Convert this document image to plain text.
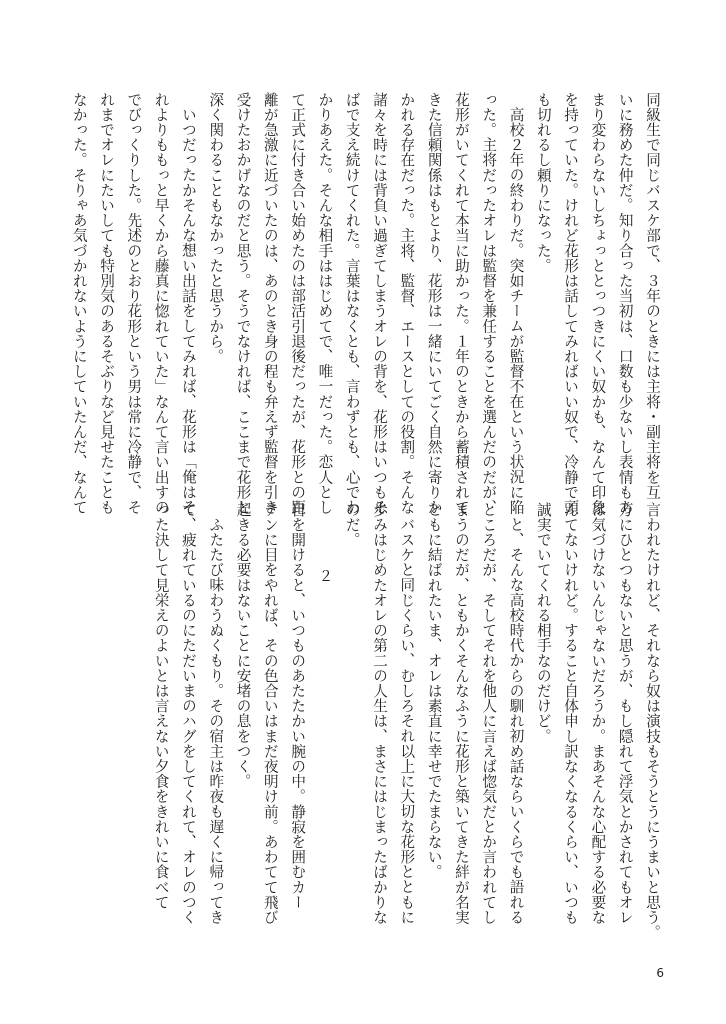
同級生で同じバスケ部で、３年のときには主将・副主将を互
いに務めた仲だ。知り合った当初は、口数も少ないし表情もあ
まり変わらないしちょっととっつきにくい奴かも、なんて印象
を持っていた。けれど花形は話してみればいい奴で、冷静で頭
も切れるし頼りになった。
高校２年の終わりだ。突如チームが監督不在という状況に陥
った。主将だったオレは監督を兼任することを選んだのだが、
花形がいてくれて本当に助かった。１年のときから蓄積されて
きた信頼関係はもとより、花形は一緒にいてごく自然に寄りか
かれる存在だった。主将、監督、エースとしての役割。そんな
諸々を時には背負い過ぎてしまうオレの背を、花形はいつもそ
ばで支え続けてくれた。言葉はなくとも、言わずとも、心でわ
かりあえた。そんな相手ははじめてで、唯一だった。恋人とし
て正式に付き合い始めたのは部活引退後だったが、花形との距
離が急激に近づいたのは、あのとき身の程も弁えず監督を引き
受けたおかげなのだと思う。そうでなければ、ここまで花形と
深く関わることもなかったと思うから。
いつだったかそんな想い出話をしてみれば、花形は「俺はそ
れよりももっと早くから藤真に惚れていた」なんて言い出すの
でびっくりした。先述のとおり花形という男は常に冷静で、そ
れまでオレにたいしても特別気のあるそぶりなど見せたことも
なかった。そりゃあ気づかれないようにしていたんだ、なんて
言われたけれど、それなら奴は演技もそうとうにうまいと思う。
万にひとつもないと思うが、もし隠れて浮気とかされてもオレ
は気づけないんじゃないだろうか。まあそんな心配する必要な
んてないけれど。すること自体申し訳なくなるくらい、いつも
誠実でいてくれる相手なのだけど。
と、そんな高校時代からの馴れ初め話ならいくらでも語れる
ところだが、そしてそれを他人に言えば惚気だとか言われてし
まうのだが、ともかくそんなふうに花形と築いてきた絆が名実
ともに結ばれたいま、オレは素直に幸せでたまらない。
バスケと同じくらい、むしろそれ以上に大切な花形とともに
歩みはじめたオレの第二の人生は、まさにはじまったばかりな
のだ。
２
目を開けると、いつものあたたかい腕の中。静寂を囲むカー
テンに目をやれば、その色合いはまだ夜明け前。あわてて飛び
起きる必要はないことに安堵の息をつく。
ふたたび味わうぬくもり。その宿主は昨夜も遅くに帰ってき
て、疲れているのにただいまのハグをしてくれて、オレのつく
った決して見栄えのよいとは言えない夕食をきれいに食べて
6
